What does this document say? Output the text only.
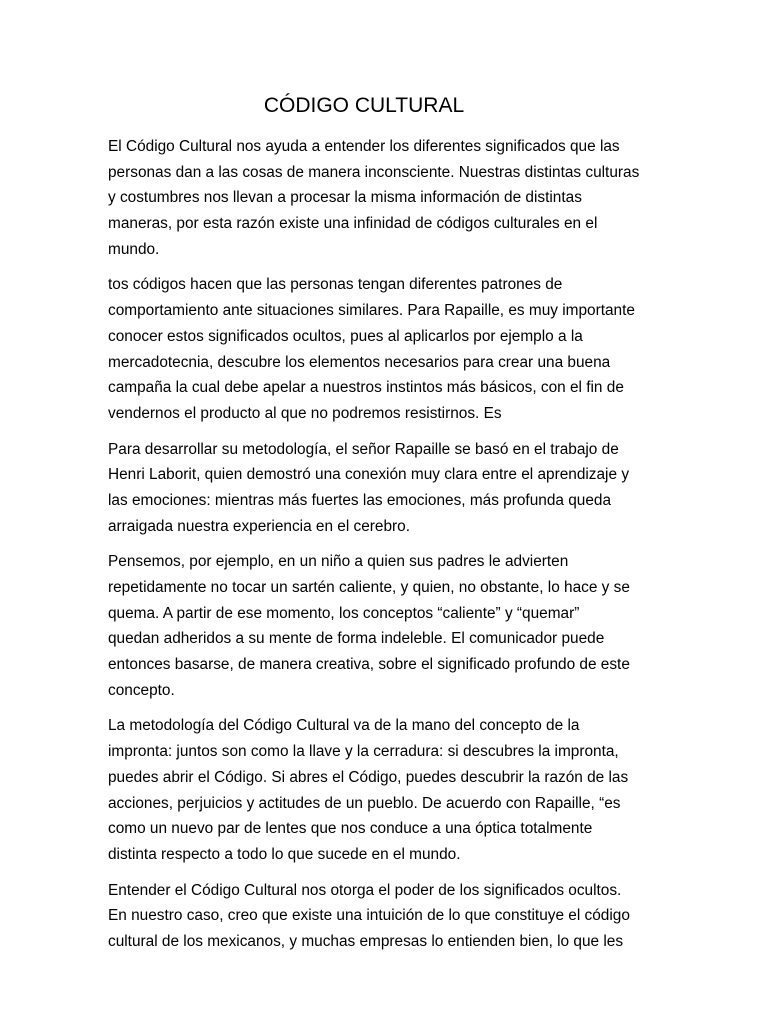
CÓDIGO CULTURAL

El Código Cultural nos ayuda a entender los diferentes significados que las
personas dan a las cosas de manera inconsciente. Nuestras distintas culturas
y costumbres nos llevan a procesar la misma información de distintas
maneras, por esta razón existe una infinidad de códigos culturales en el
mundo.

tos códigos hacen que las personas tengan diferentes patrones de
comportamiento ante situaciones similares. Para Rapaille, es muy importante
conocer estos significados ocultos, pues al aplicarlos por ejemplo a la
mercadotecnia, descubre los elementos necesarios para crear una buena
campaña la cual debe apelar a nuestros instintos más básicos, con el fin de
vendernos el producto al que no podremos resistirnos. Es

Para desarrollar su metodología, el señor Rapaille se basó en el trabajo de
Henri Laborit, quien demostró una conexión muy clara entre el aprendizaje y
las emociones: mientras más fuertes las emociones, más profunda queda
arraigada nuestra experiencia en el cerebro.

Pensemos, por ejemplo, en un niño a quien sus padres le advierten
repetidamente no tocar un sartén caliente, y quien, no obstante, lo hace y se
quema. A partir de ese momento, los conceptos “caliente” y “quemar”
quedan adheridos a su mente de forma indeleble. El comunicador puede
entonces basarse, de manera creativa, sobre el significado profundo de este
concepto.

La metodología del Código Cultural va de la mano del concepto de la
impronta: juntos son como la llave y la cerradura: si descubres la impronta,
puedes abrir el Código. Si abres el Código, puedes descubrir la razón de las
acciones, perjuicios y actitudes de un pueblo. De acuerdo con Rapaille, “es
como un nuevo par de lentes que nos conduce a una óptica totalmente
distinta respecto a todo lo que sucede en el mundo.

Entender el Código Cultural nos otorga el poder de los significados ocultos.
En nuestro caso, creo que existe una intuición de lo que constituye el código
cultural de los mexicanos, y muchas empresas lo entienden bien, lo que les
